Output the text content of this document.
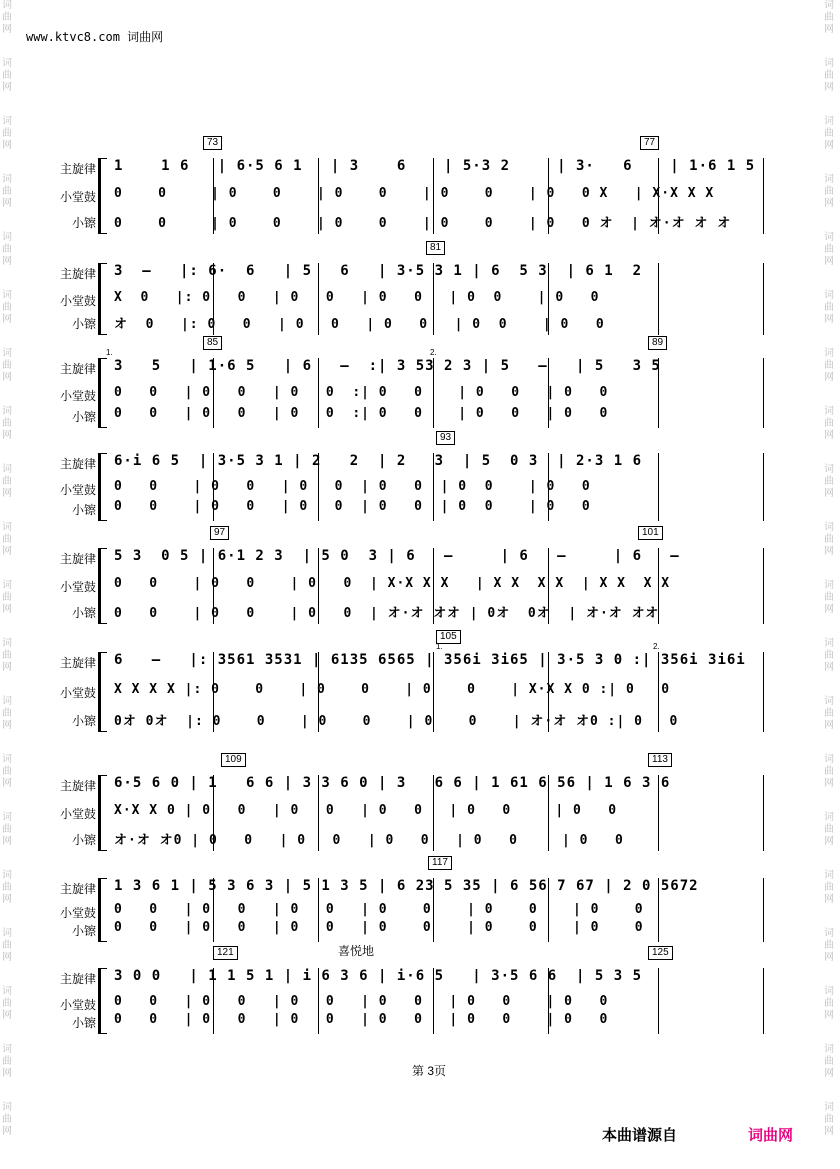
词
曲
网
词
曲
网
词
曲
网
词
曲
网
词
曲
网
词
曲
网
词
曲
网
词
曲
网
词
曲
网
词
曲
网
词
曲
网
词
曲
网
词
曲
网
词
曲
网
词
曲
网
词
曲
网
词
曲
网
词
曲
网
词
曲
网
词
曲
网
词
曲
网
词
曲
网
词
曲
网
词
曲
网
词
曲
网
词
曲
网
词
曲
网
词
曲
网
词
曲
网
词
曲
网
词
曲
网
词
曲
网
词
曲
网
词
曲
网
词
曲
网
词
曲
网
词
曲
网
词
曲
网
词
曲
网
词
曲
网
www.ktvc8.com 词曲网
73	77
主旋律 1    1 6   | 6·5 6 1   | 3    6    | 5·3 2     | 3·   6    | 1·6 1 5
小堂鼓 0    0     | 0    0    | 0    0    | 0    0    | 0   0 X   | X·X X X
小镲 0    0     | 0    0    | 0    0    | 0    0    | 0   0 オ  | オ·オ オ オ
81
主旋律 3  –   |: 6·  6   | 5   6   | 3·5 3 1 | 6  5 3  | 6 1  2
小堂鼓 X  0   |: 0   0   | 0   0   | 0   0   | 0  0    | 0   0
小镲 オ  0   |: 0   0   | 0   0   | 0   0   | 0  0    | 0   0
85	89
1.	2.
主旋律 3   5   | 1·6 5   | 6   –  :| 3 53 2 3 | 5   –   | 5   3 5
小堂鼓 0   0   | 0   0   | 0   0  :| 0   0    | 0   0   | 0   0
小镲 0   0   | 0   0   | 0   0  :| 0   0    | 0   0   | 0   0
93
主旋律 6·i 6 5  | 3·5 3 1 | 2   2  | 2   3  | 5  0 3  | 2·3 1 6
小堂鼓 0   0    | 0   0   | 0   0  | 0   0  | 0  0    | 0   0
小镲 0   0    | 0   0   | 0   0  | 0   0  | 0  0    | 0   0
97	101
主旋律 5 3  0 5 | 6·1 2 3  | 5 0  3 | 6   –     | 6   –     | 6   –
小堂鼓 0   0    | 0   0    | 0   0  | X·X X X   | X X  X X  | X X  X X
小镲 0   0    | 0   0    | 0   0  | オ·オ オオ | 0オ  0オ  | オ·オ オオ
105
1.	2.
主旋律 6   –   |: 3561 3531 | 6135 6565 | 356i 3i65 | 3·5 3 0 :| 356i 3i6i
小堂鼓 X X X X |: 0    0    | 0    0    | 0    0    | X·X X 0 :| 0   0
小镲 0オ 0オ  |: 0    0    | 0    0    | 0    0    | オ·オ オ0 :| 0   0
109	113
主旋律 6·5 6 0 | 1   6 6 | 3 3 6 0 | 3   6 6 | 1 61 6 56 | 1 6 3 6
小堂鼓 X·X X 0 | 0   0   | 0   0   | 0   0   | 0   0     | 0   0
小镲 オ·オ オ0 | 0   0   | 0   0   | 0   0   | 0   0     | 0   0
117
主旋律 1 3 6 1 | 5 3 6 3 | 5 1 3 5 | 6 23 5 35 | 6 56 7 67 | 2 0 5672
小堂鼓 0   0   | 0   0   | 0   0   | 0    0    | 0    0    | 0    0
小镲 0   0   | 0   0   | 0   0   | 0    0    | 0    0    | 0    0
121	125
喜悦地
主旋律 3 0 0   | 1 1 5 1 | i 6 3 6 | i·6 5   | 3·5 6 6  | 5 3 5
小堂鼓 0   0   | 0   0   | 0   0   | 0   0   | 0   0    | 0   0
小镲 0   0   | 0   0   | 0   0   | 0   0   | 0   0    | 0   0
第 3页
本曲谱源自	词曲网
